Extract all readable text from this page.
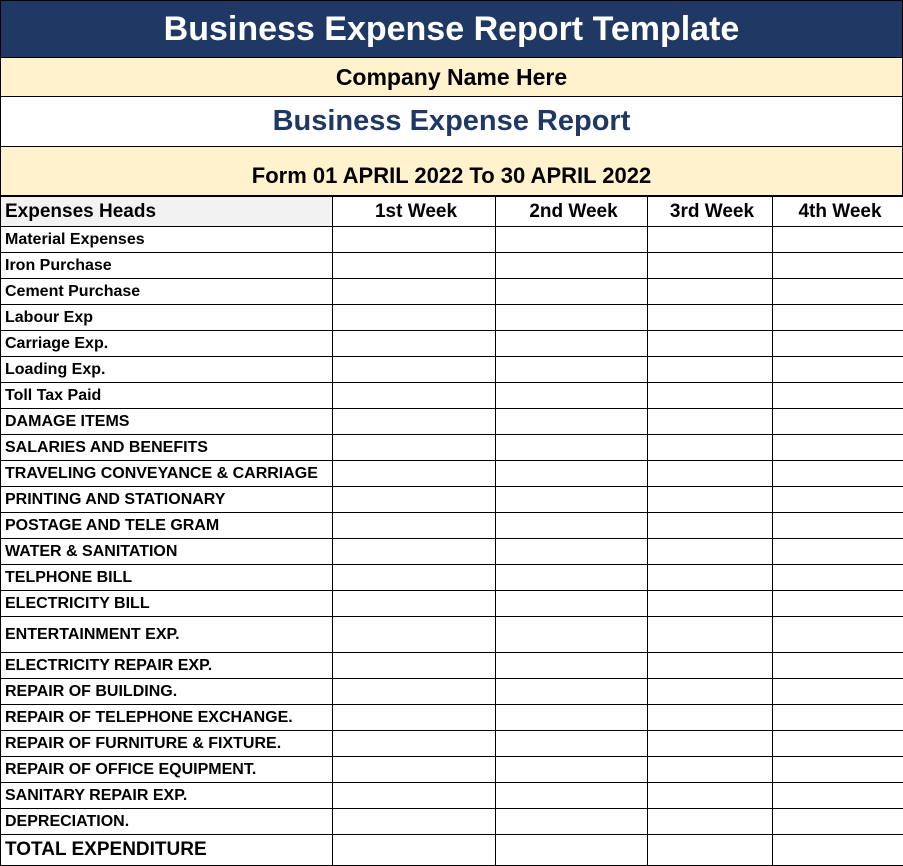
Business Expense Report Template
Company Name Here
Business Expense Report
Form 01 APRIL 2022 To 30 APRIL 2022
Expenses Heads	1st Week	2nd Week	3rd Week	4th Week
Material Expenses				
Iron Purchase				
Cement Purchase				
Labour Exp				
Carriage Exp.				
Loading Exp.				
Toll Tax Paid				
DAMAGE ITEMS				
SALARIES AND BENEFITS				
TRAVELING CONVEYANCE & CARRIAGE				
PRINTING AND STATIONARY				
POSTAGE AND TELE GRAM				
WATER & SANITATION				
TELPHONE BILL				
ELECTRICITY BILL				
ENTERTAINMENT EXP.				
ELECTRICITY REPAIR EXP.				
REPAIR OF BUILDING.				
REPAIR OF TELEPHONE EXCHANGE.				
REPAIR OF FURNITURE & FIXTURE.				
REPAIR OF OFFICE EQUIPMENT.				
SANITARY REPAIR EXP.				
DEPRECIATION.				
TOTAL EXPENDITURE				
